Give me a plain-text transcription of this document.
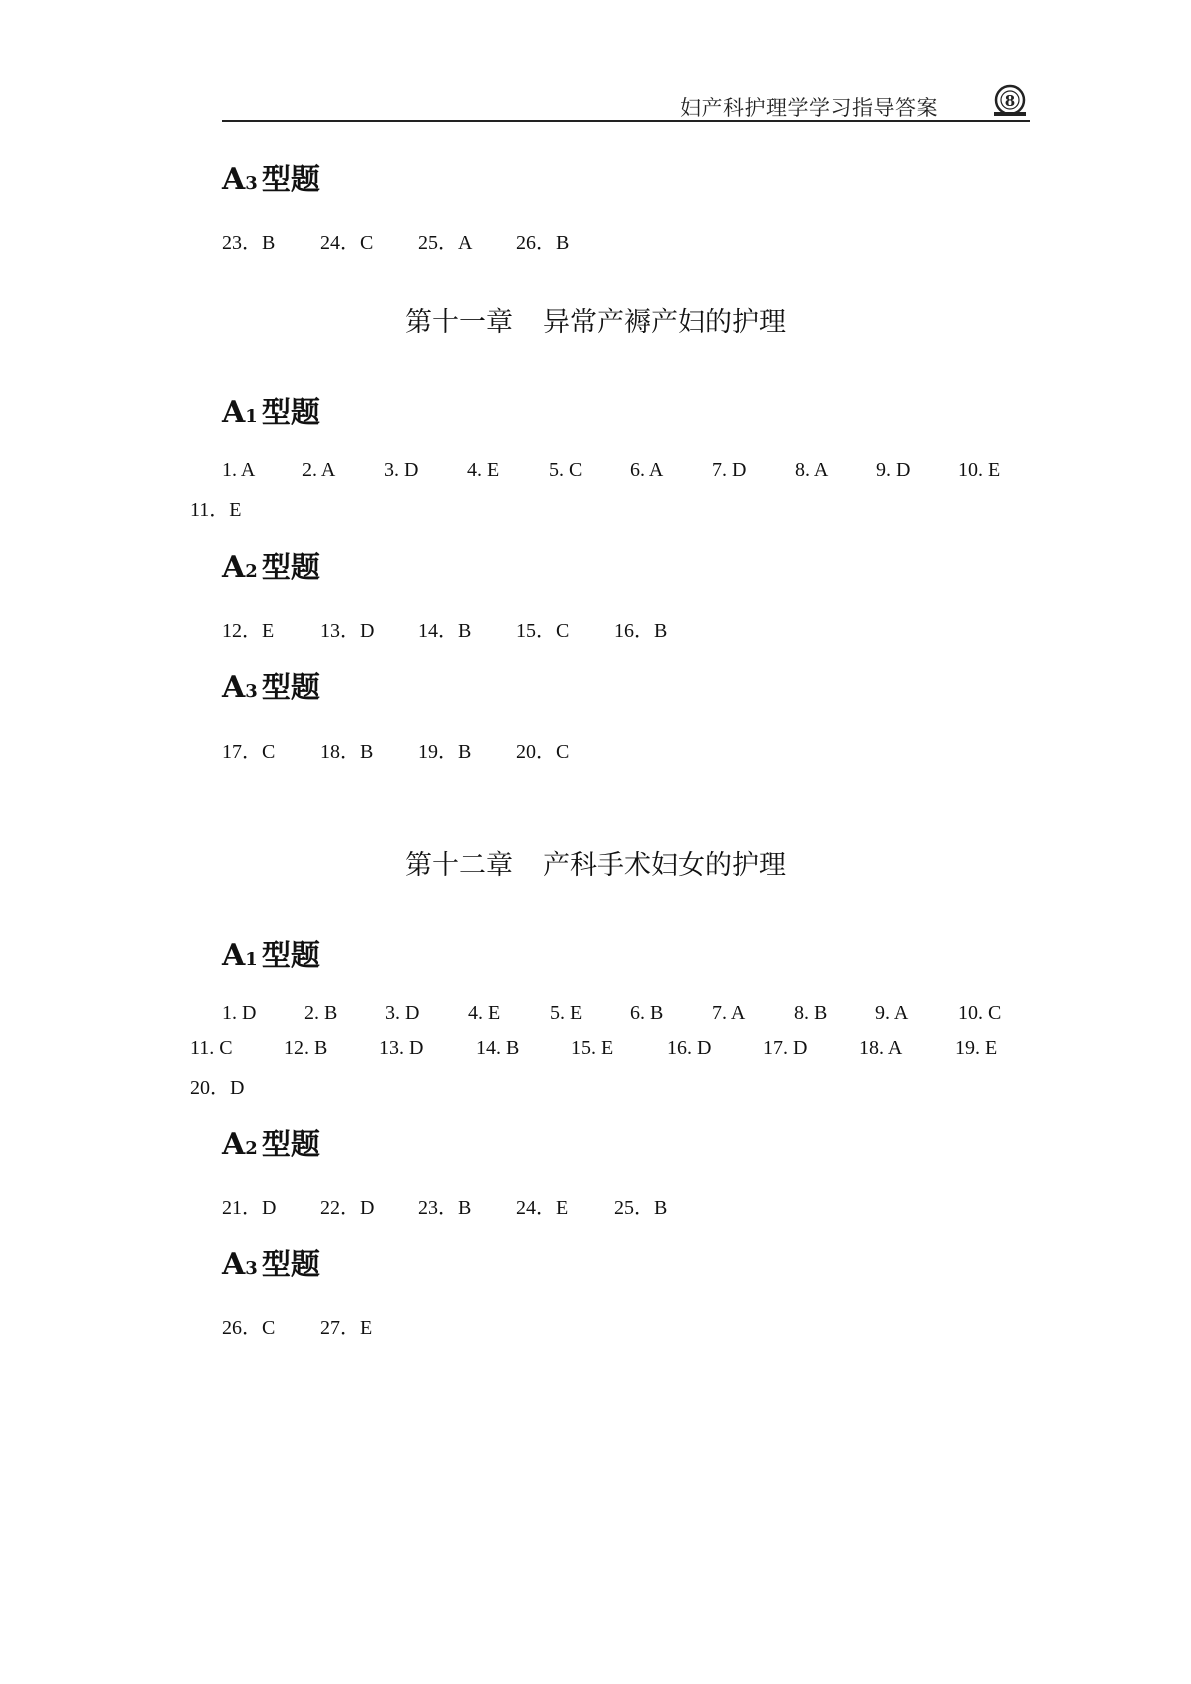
妇产科护理学学习指导答案	8
A3 型题
23．B 24．C 25．A 26．B
第十一章 异常产褥产妇的护理
A1 型题
1. A 2. A 3. D 4. E 5. C 6. A 7. D 8. A 9. D 10. E
11．E
A2 型题
12．E 13．D 14．B 15．C 16．B
A3 型题
17．C 18．B 19．B 20．C
第十二章 产科手术妇女的护理
A1 型题
1. D 2. B 3. D 4. E 5. E 6. B 7. A 8. B 9. A 10. C
11. C	12. B	13. D	14. B	15. E	16. D	17. D	18. A	19. E
20．D
A2 型题
21．D 22．D 23．B 24．E 25．B
A3 型题
26．C 27．E
